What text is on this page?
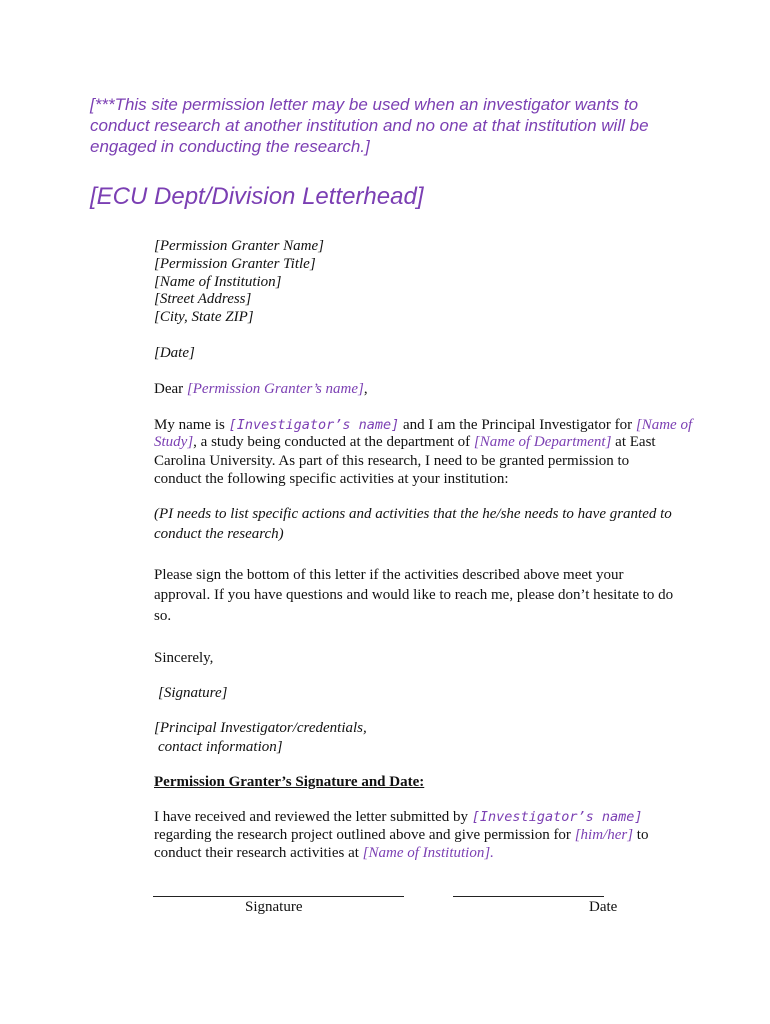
[***This site permission letter may be used when an investigator wants to
conduct research at another institution and no one at that institution will be
engaged in conducting the research.]
[ECU Dept/Division Letterhead]
[Permission Granter Name]
[Permission Granter Title]
[Name of Institution]
[Street Address]
[City, State ZIP]
[Date]
Dear [Permission Granter’s name],
My name is [Investigator’s name] and I am the Principal Investigator for [Name of
Study], a study being conducted at the department of [Name of Department] at East
Carolina University. As part of this research, I need to be granted permission to
conduct the following specific activities at your institution:
(PI needs to list specific actions and activities that the he/she needs to have granted to
conduct the research)
Please sign the bottom of this letter if the activities described above meet your
approval. If you have questions and would like to reach me, please don’t hesitate to do
so.
Sincerely,
[Signature]
[Principal Investigator/credentials,
contact information]
Permission Granter’s Signature and Date:
I have received and reviewed the letter submitted by [Investigator’s name]
regarding the research project outlined above and give permission for [him/her] to
conduct their research activities at [Name of Institution].
Signature	Date
